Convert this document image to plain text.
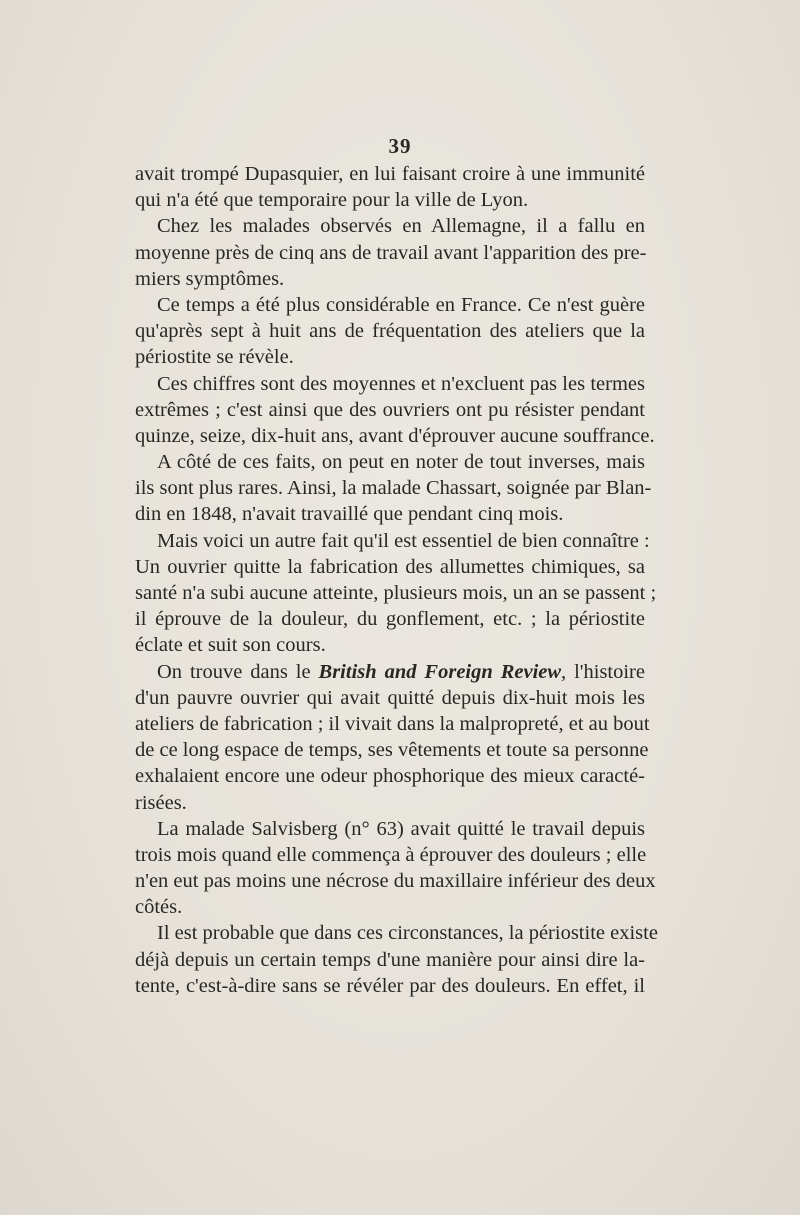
39
avait trompé Dupasquier, en lui faisant croire à une immunité
qui n'a été que temporaire pour la ville de Lyon.
Chez les malades observés en Allemagne, il a fallu en
moyenne près de cinq ans de travail avant l'apparition des pre-
miers symptômes.
Ce temps a été plus considérable en France. Ce n'est guère
qu'après sept à huit ans de fréquentation des ateliers que la
périostite se révèle.
Ces chiffres sont des moyennes et n'excluent pas les termes
extrêmes ; c'est ainsi que des ouvriers ont pu résister pendant
quinze, seize, dix-huit ans, avant d'éprouver aucune souffrance.
A côté de ces faits, on peut en noter de tout inverses, mais
ils sont plus rares. Ainsi, la malade Chassart, soignée par Blan-
din en 1848, n'avait travaillé que pendant cinq mois.
Mais voici un autre fait qu'il est essentiel de bien connaître :
Un ouvrier quitte la fabrication des allumettes chimiques, sa
santé n'a subi aucune atteinte, plusieurs mois, un an se passent ;
il éprouve de la douleur, du gonflement, etc. ; la périostite
éclate et suit son cours.
On trouve dans le British and Foreign Review, l'histoire
d'un pauvre ouvrier qui avait quitté depuis dix-huit mois les
ateliers de fabrication ; il vivait dans la malpropreté, et au bout
de ce long espace de temps, ses vêtements et toute sa personne
exhalaient encore une odeur phosphorique des mieux caracté-
risées.
La malade Salvisberg (n° 63) avait quitté le travail depuis
trois mois quand elle commença à éprouver des douleurs ; elle
n'en eut pas moins une nécrose du maxillaire inférieur des deux
côtés.
Il est probable que dans ces circonstances, la périostite existe
déjà depuis un certain temps d'une manière pour ainsi dire la-
tente, c'est-à-dire sans se révéler par des douleurs. En effet, il
